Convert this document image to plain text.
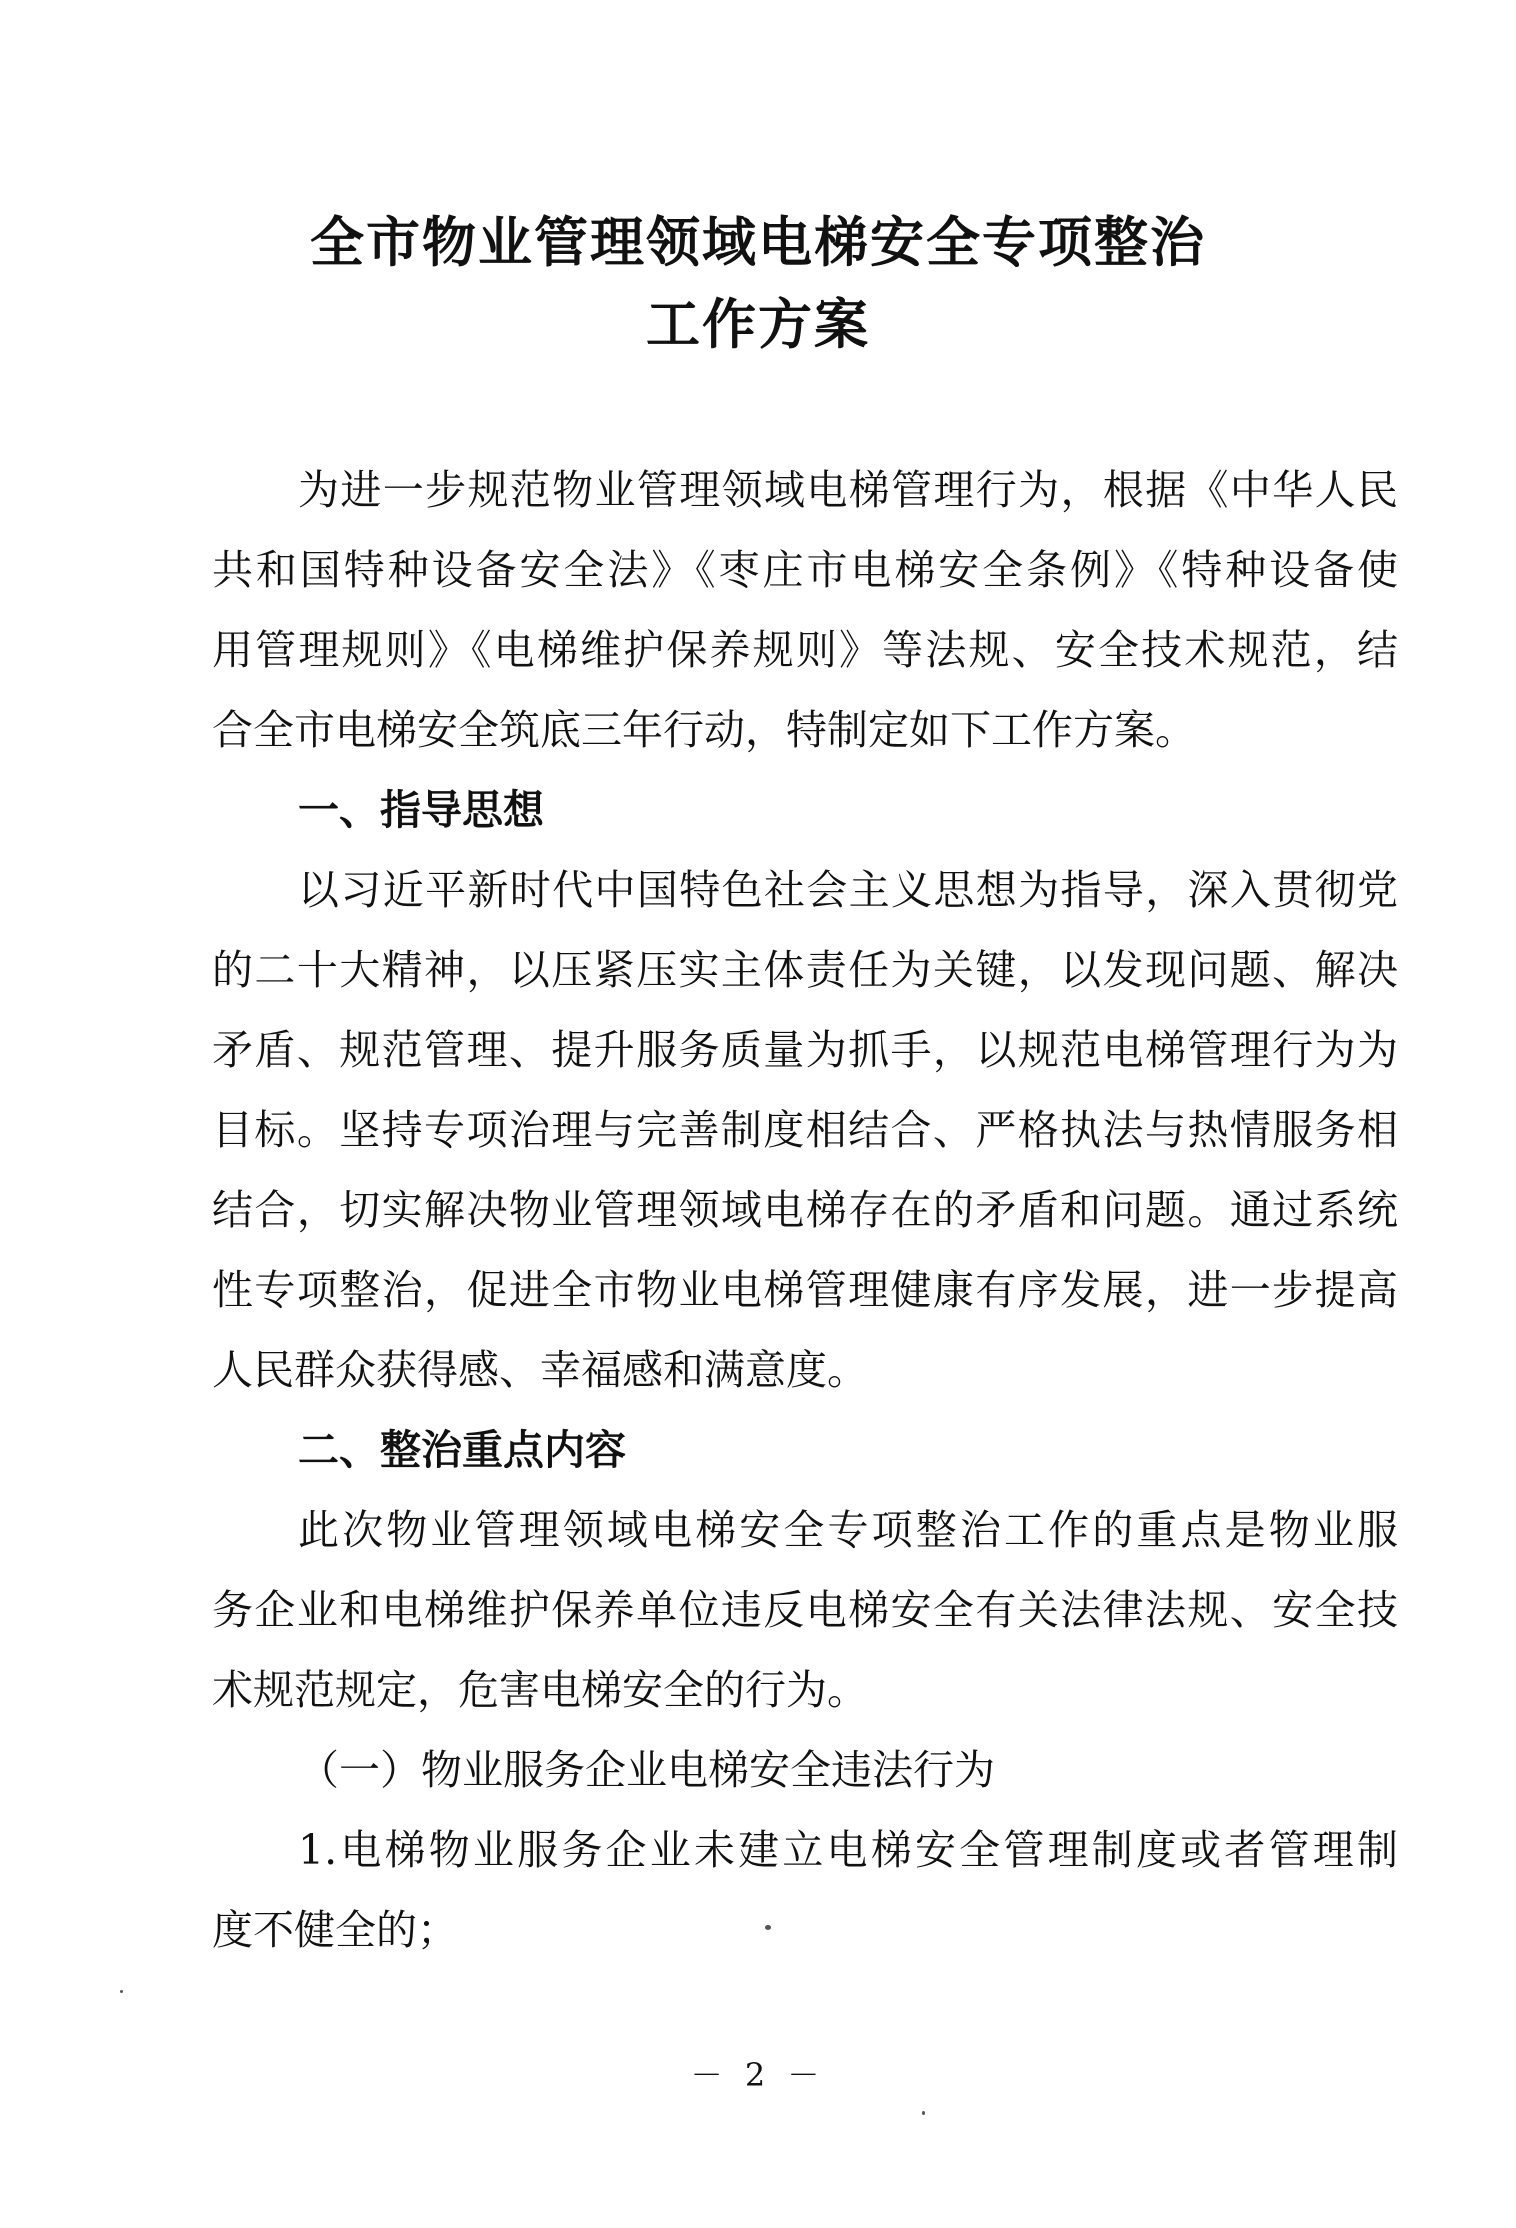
全市物业管理领域电梯安全专项整治
工作方案

为进一步规范物业管理领域电梯管理行为，根据《中华人民

共和国特种设备安全法》《枣庄市电梯安全条例》《特种设备使

用管理规则》《电梯维护保养规则》等法规、安全技术规范，结

合全市电梯安全筑底三年行动，特制定如下工作方案。

一、指导思想

以习近平新时代中国特色社会主义思想为指导，深入贯彻党

的二十大精神，以压紧压实主体责任为关键，以发现问题、解决

矛盾、规范管理、提升服务质量为抓手，以规范电梯管理行为为

目标。坚持专项治理与完善制度相结合、严格执法与热情服务相

结合，切实解决物业管理领域电梯存在的矛盾和问题。通过系统

性专项整治，促进全市物业电梯管理健康有序发展，进一步提高

人民群众获得感、幸福感和满意度。

二、整治重点内容

此次物业管理领域电梯安全专项整治工作的重点是物业服

务企业和电梯维护保养单位违反电梯安全有关法律法规、安全技

术规范规定，危害电梯安全的行为。

（一）物业服务企业电梯安全违法行为

1.电梯物业服务企业未建立电梯安全管理制度或者管理制

度不健全的；

－ 2 －
